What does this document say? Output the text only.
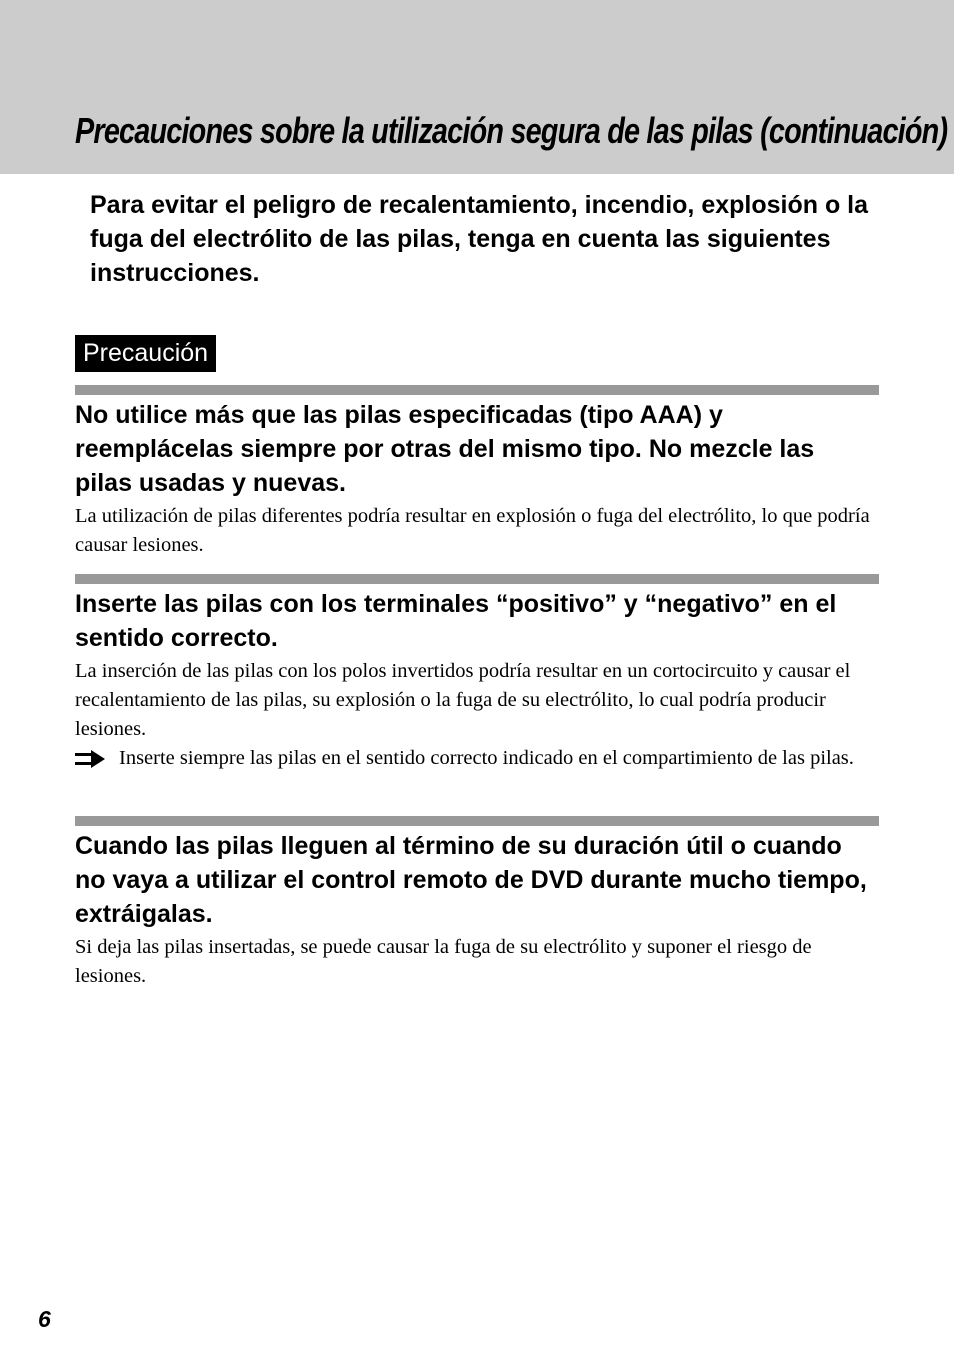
Precauciones sobre la utilización segura de las pilas (continuación)

Para evitar el peligro de recalentamiento, incendio, explosión o la fuga del electrólito de las pilas, tenga en cuenta las siguientes instrucciones.

Precaución
No utilice más que las pilas especificadas (tipo AAA) y reemplácelas siempre por otras del mismo tipo. No mezcle las pilas usadas y nuevas.

La utilización de pilas diferentes podría resultar en explosión o fuga del electrólito, lo que podría causar lesiones.

Inserte las pilas con los terminales “positivo” y “negativo” en el sentido correcto.

La inserción de las pilas con los polos invertidos podría resultar en un cortocircuito y causar el recalentamiento de las pilas, su explosión o la fuga de su electrólito, lo cual podría producir lesiones.

Inserte siempre las pilas en el sentido correcto indicado en el compartimiento de las pilas.

Cuando las pilas lleguen al término de su duración útil o cuando no vaya a utilizar el control remoto de DVD durante mucho tiempo, extráigalas.

Si deja las pilas insertadas, se puede causar la fuga de su electrólito y suponer el riesgo de lesiones.

6
